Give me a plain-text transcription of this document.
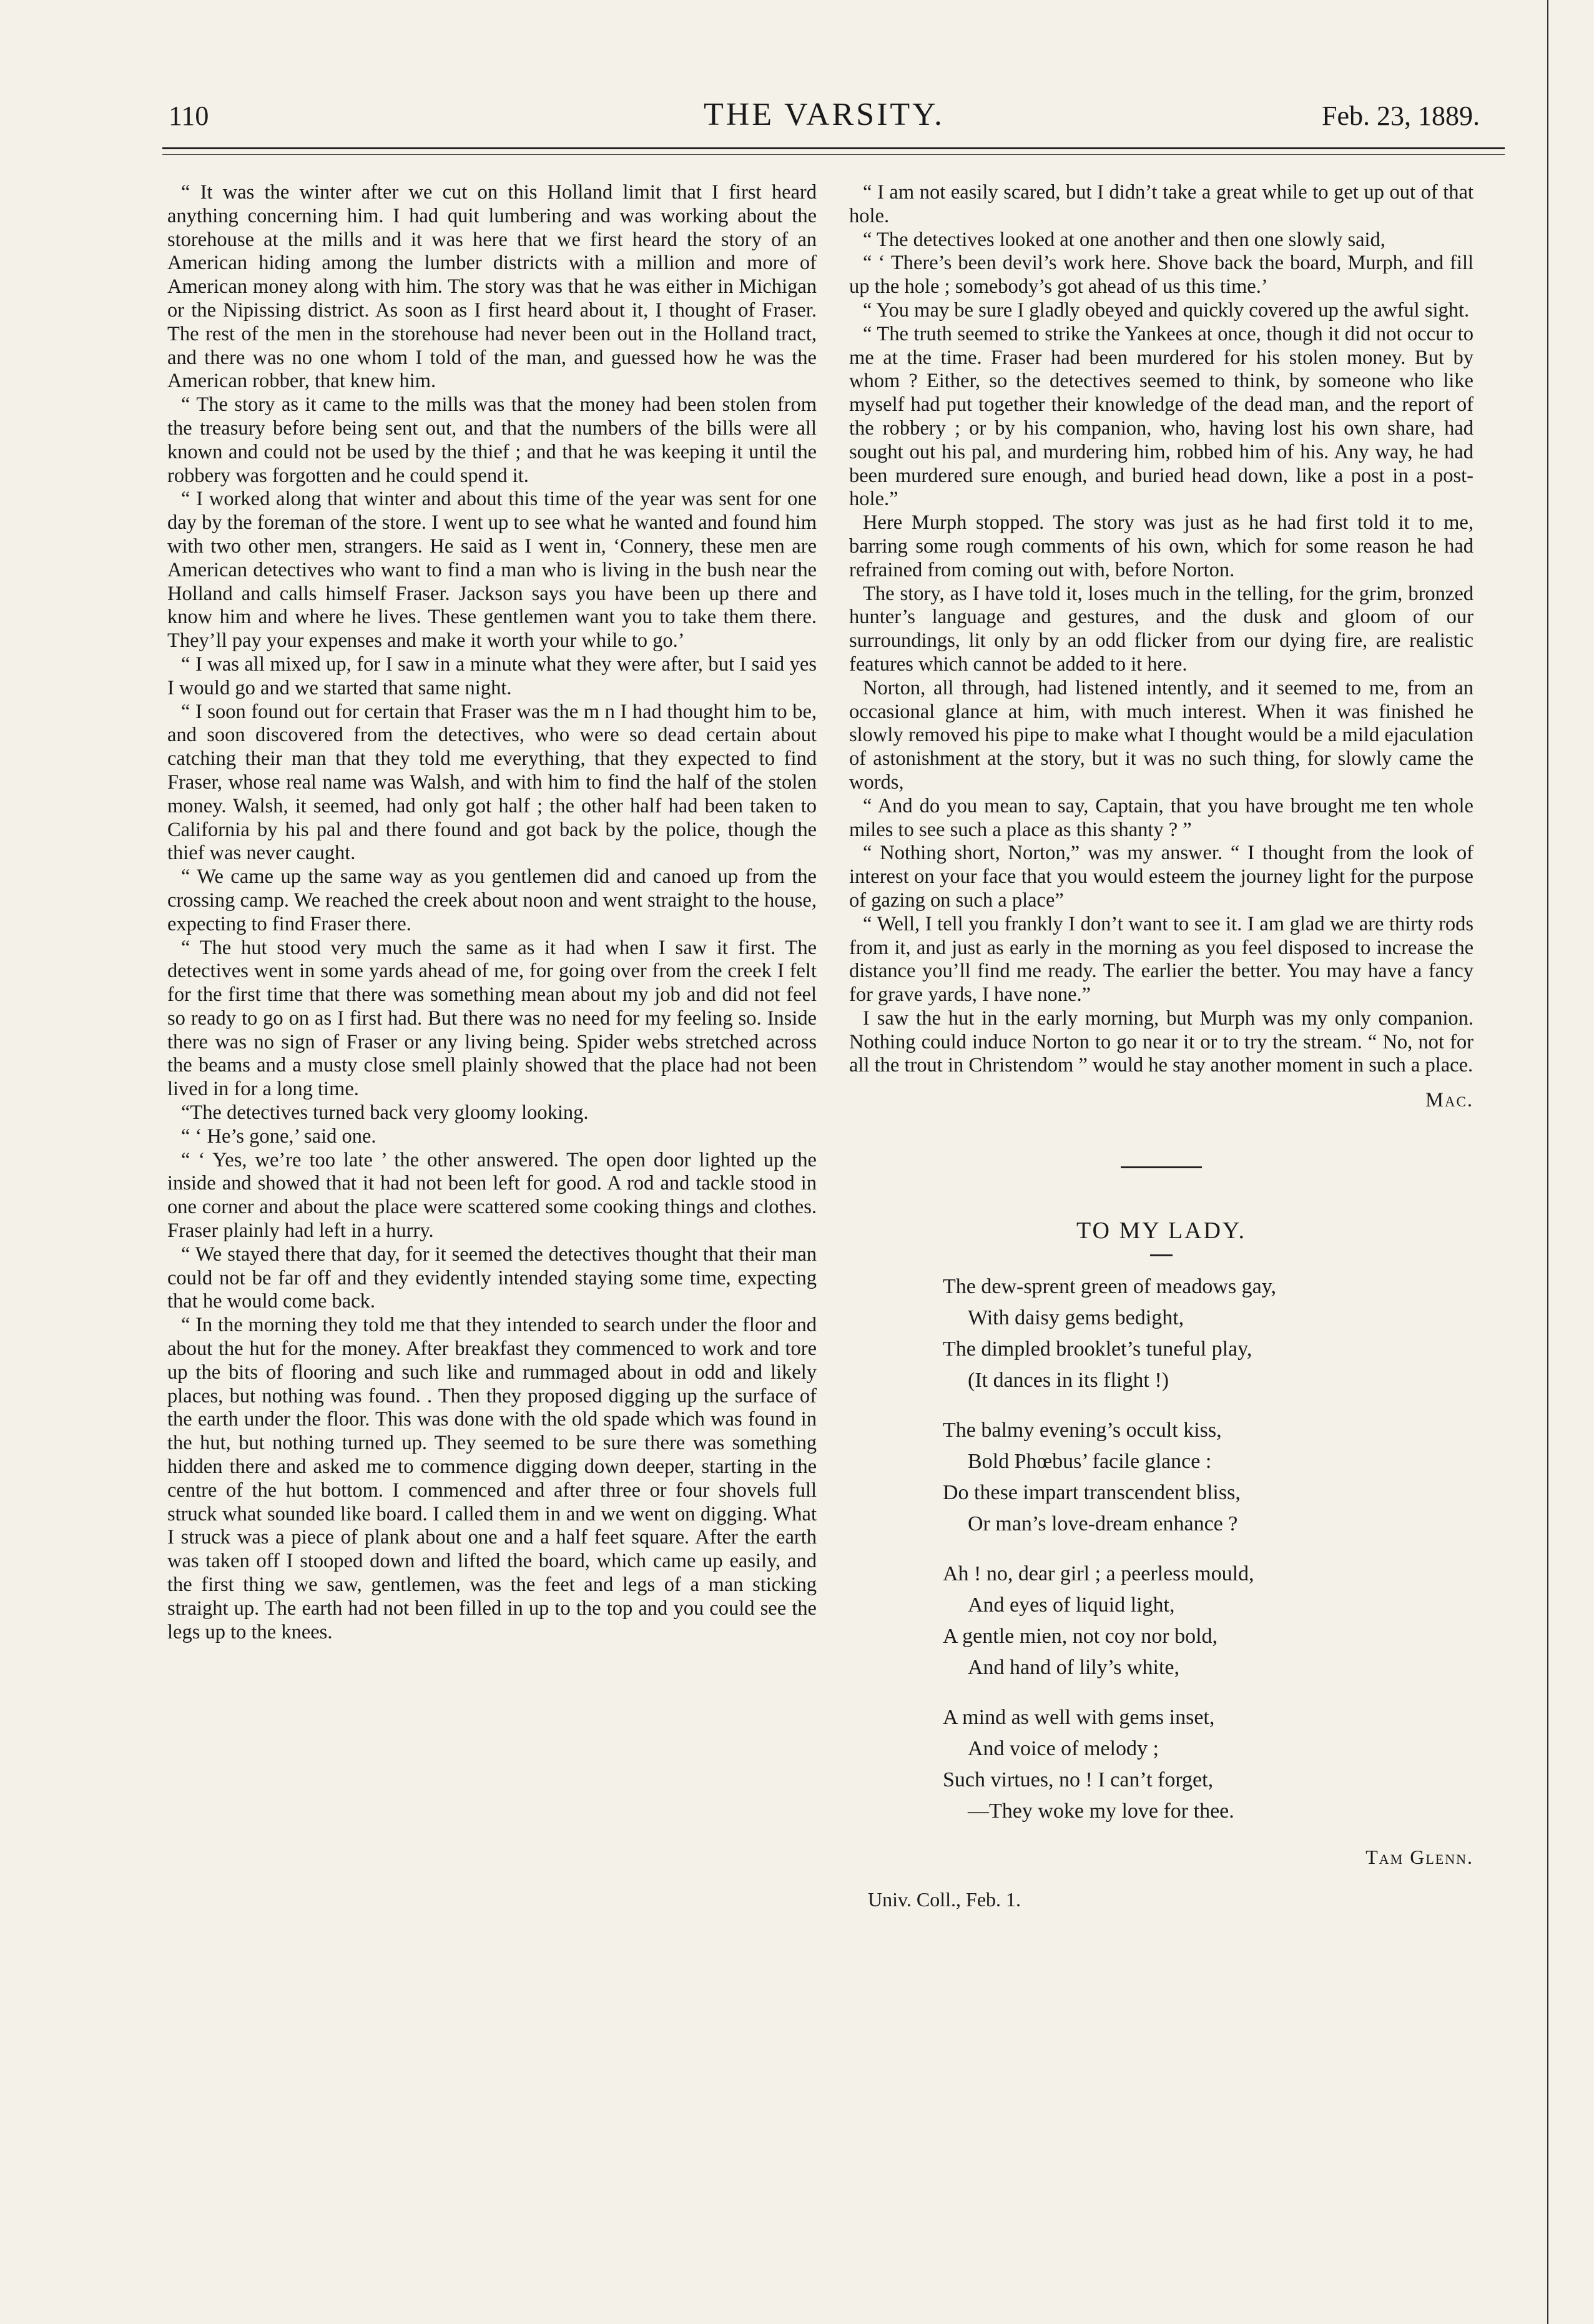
110	THE VARSITY.	Feb. 23, 1889.

“ It was the winter after we cut on this Holland limit that I first heard anything concerning him. I had quit lumbering and was working about the storehouse at the mills and it was here that we first heard the story of an American hiding among the lumber districts with a million and more of American money along with him. The story was that he was either in Michigan or the Nipissing district. As soon as I first heard about it, I thought of Fraser. The rest of the men in the storehouse had never been out in the Holland tract, and there was no one whom I told of the man, and guessed how he was the American robber, that knew him.

“ The story as it came to the mills was that the money had been stolen from the treasury before being sent out, and that the numbers of the bills were all known and could not be used by the thief ; and that he was keeping it until the robbery was forgotten and he could spend it.

“ I worked along that winter and about this time of the year was sent for one day by the foreman of the store. I went up to see what he wanted and found him with two other men, strangers. He said as I went in, ‘Connery, these men are American detectives who want to find a man who is living in the bush near the Holland and calls himself Fraser. Jackson says you have been up there and know him and where he lives. These gentlemen want you to take them there. They’ll pay your expenses and make it worth your while to go.’

“ I was all mixed up, for I saw in a minute what they were after, but I said yes I would go and we started that same night.

“ I soon found out for certain that Fraser was the m n I had thought him to be, and soon discovered from the detectives, who were so dead certain about catching their man that they told me everything, that they expected to find Fraser, whose real name was Walsh, and with him to find the half of the stolen money. Walsh, it seemed, had only got half ; the other half had been taken to California by his pal and there found and got back by the police, though the thief was never caught.

“ We came up the same way as you gentlemen did and canoed up from the crossing camp. We reached the creek about noon and went straight to the house, expecting to find Fraser there.

“ The hut stood very much the same as it had when I saw it first. The detectives went in some yards ahead of me, for going over from the creek I felt for the first time that there was something mean about my job and did not feel so ready to go on as I first had. But there was no need for my feeling so. Inside there was no sign of Fraser or any living being. Spider webs stretched across the beams and a musty close smell plainly showed that the place had not been lived in for a long time.

“The detectives turned back very gloomy looking.

“ ‘ He’s gone,’ said one.

“ ‘ Yes, we’re too late ’ the other answered. The open door lighted up the inside and showed that it had not been left for good. A rod and tackle stood in one corner and about the place were scattered some cooking things and clothes. Fraser plainly had left in a hurry.

“ We stayed there that day, for it seemed the detectives thought that their man could not be far off and they evidently intended staying some time, expecting that he would come back.

“ In the morning they told me that they intended to search under the floor and about the hut for the money. After breakfast they commenced to work and tore up the bits of flooring and such like and rummaged about in odd and likely places, but nothing was found. . Then they proposed digging up the surface of the earth under the floor. This was done with the old spade which was found in the hut, but nothing turned up. They seemed to be sure there was something hidden there and asked me to commence digging down deeper, starting in the centre of the hut bottom. I commenced and after three or four shovels full struck what sounded like board. I called them in and we went on digging. What I struck was a piece of plank about one and a half feet square. After the earth was taken off I stooped down and lifted the board, which came up easily, and the first thing we saw, gentlemen, was the feet and legs of a man sticking straight up. The earth had not been filled in up to the top and you could see the legs up to the knees.

“ I am not easily scared, but I didn’t take a great while to get up out of that hole.

“ The detectives looked at one another and then one slowly said,

“ ‘ There’s been devil’s work here. Shove back the board, Murph, and fill up the hole ; somebody’s got ahead of us this time.’

“ You may be sure I gladly obeyed and quickly covered up the awful sight.

“ The truth seemed to strike the Yankees at once, though it did not occur to me at the time. Fraser had been murdered for his stolen money. But by whom ? Either, so the detectives seemed to think, by someone who like myself had put together their knowledge of the dead man, and the report of the robbery ; or by his companion, who, having lost his own share, had sought out his pal, and murdering him, robbed him of his. Any way, he had been murdered sure enough, and buried head down, like a post in a post-hole.”

Here Murph stopped. The story was just as he had first told it to me, barring some rough comments of his own, which for some reason he had refrained from coming out with, before Norton.

The story, as I have told it, loses much in the telling, for the grim, bronzed hunter’s language and gestures, and the dusk and gloom of our surroundings, lit only by an odd flicker from our dying fire, are realistic features which cannot be added to it here.

Norton, all through, had listened intently, and it seemed to me, from an occasional glance at him, with much interest. When it was finished he slowly removed his pipe to make what I thought would be a mild ejaculation of astonishment at the story, but it was no such thing, for slowly came the words,

“ And do you mean to say, Captain, that you have brought me ten whole miles to see such a place as this shanty ? ”

“ Nothing short, Norton,” was my answer. “ I thought from the look of interest on your face that you would esteem the journey light for the purpose of gazing on such a place”

“ Well, I tell you frankly I don’t want to see it. I am glad we are thirty rods from it, and just as early in the morning as you feel disposed to increase the distance you’ll find me ready. The earlier the better. You may have a fancy for grave yards, I have none.”

I saw the hut in the early morning, but Murph was my only companion. Nothing could induce Norton to go near it or to try the stream. “ No, not for all the trout in Christendom ” would he stay another moment in such a place.

Mac.

TO MY LADY.
The dew-sprent green of meadows gay,
With daisy gems bedight,
The dimpled brooklet’s tuneful play,
(It dances in its flight !)
The balmy evening’s occult kiss,
Bold Phœbus’ facile glance :
Do these impart transcendent bliss,
Or man’s love-dream enhance ?
Ah ! no, dear girl ; a peerless mould,
And eyes of liquid light,
A gentle mien, not coy nor bold,
And hand of lily’s white,
A mind as well with gems inset,
And voice of melody ;
Such virtues, no ! I can’t forget,
—They woke my love for thee.
Tam Glenn.
Univ. Coll., Feb. 1.
